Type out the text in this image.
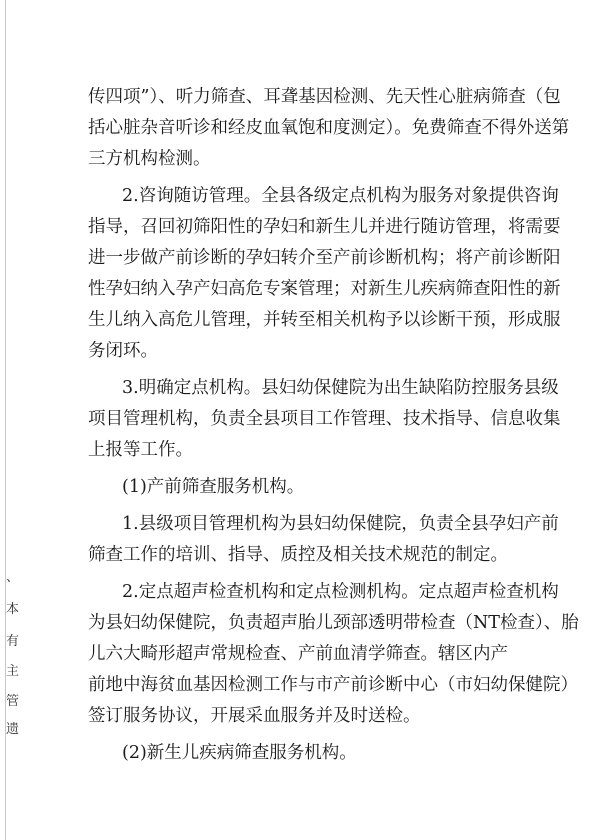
、
本
有
主
管
遗
传四项”）、听力筛查、耳聋基因检测、先天性心脏病筛查（包
括心脏杂音听诊和经皮血氧饱和度测定）。免费筛查不得外送第
三方机构检测。
2.咨询随访管理。全县各级定点机构为服务对象提供咨询
指导，召回初筛阳性的孕妇和新生儿并进行随访管理，将需要
进一步做产前诊断的孕妇转介至产前诊断机构；将产前诊断阳
性孕妇纳入孕产妇高危专案管理；对新生儿疾病筛查阳性的新
生儿纳入高危儿管理，并转至相关机构予以诊断干预，形成服
务闭环。
3.明确定点机构。县妇幼保健院为出生缺陷防控服务县级
项目管理机构，负责全县项目工作管理、技术指导、信息收集
上报等工作。
(1)产前筛查服务机构。
1.县级项目管理机构为县妇幼保健院，负责全县孕妇产前
筛查工作的培训、指导、质控及相关技术规范的制定。
2.定点超声检查机构和定点检测机构。定点超声检查机构
为县妇幼保健院，负责超声胎儿颈部透明带检查（NT检查）、胎
儿六大畸形超声常规检查、产前血清学筛查。辖区内产
前地中海贫血基因检测工作与市产前诊断中心（市妇幼保健院）
签订服务协议，开展采血服务并及时送检。
(2)新生儿疾病筛查服务机构。
